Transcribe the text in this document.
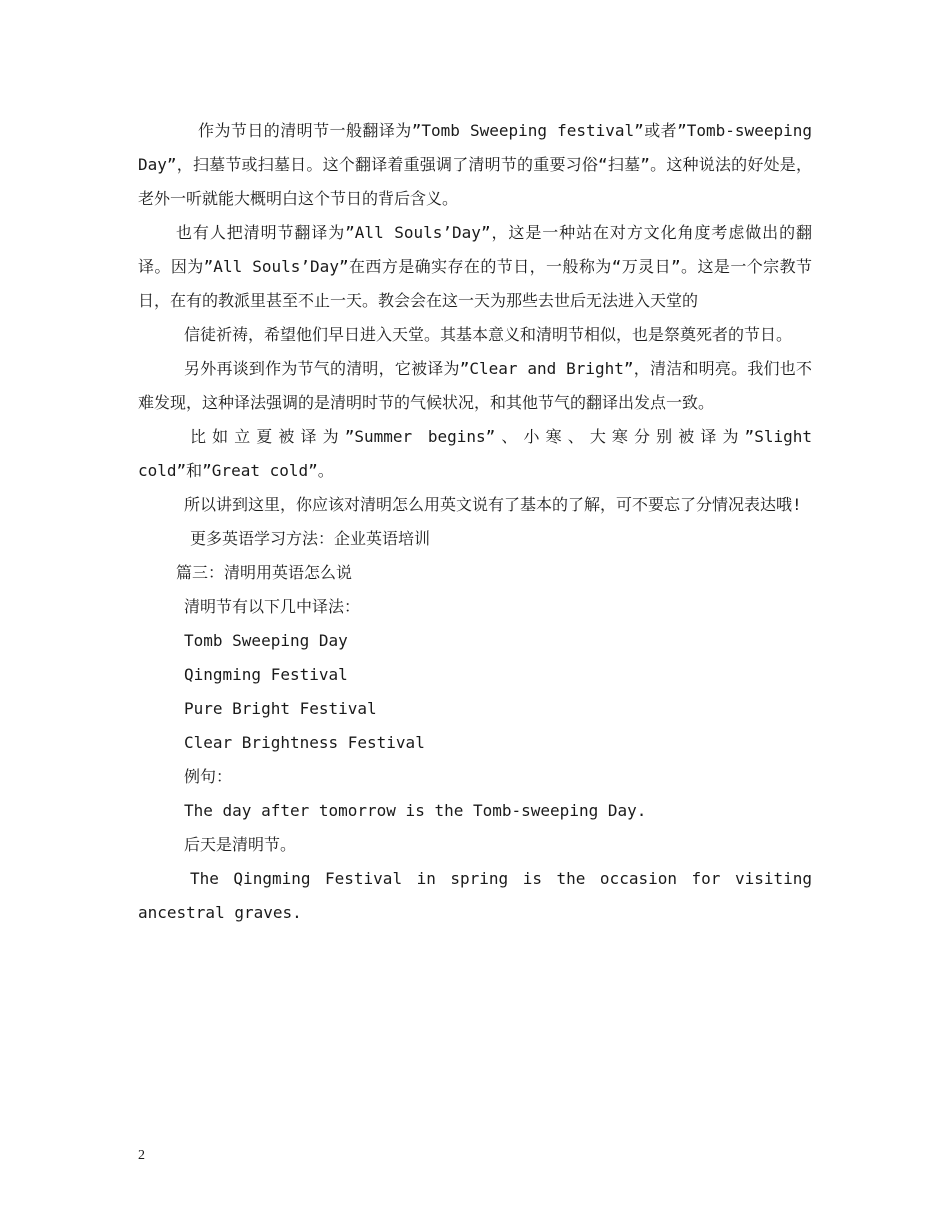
作为节日的清明节一般翻译为”Tomb Sweeping festival”或者”Tomb-sweeping Day”，扫墓节或扫墓日。这个翻译着重强调了清明节的重要习俗“扫墓”。这种说法的好处是，老外一听就能大概明白这个节日的背后含义。

也有人把清明节翻译为”All Souls’Day”，这是一种站在对方文化角度考虑做出的翻译。因为”All Souls’Day”在西方是确实存在的节日，一般称为“万灵日”。这是一个宗教节日，在有的教派里甚至不止一天。教会会在这一天为那些去世后无法进入天堂的

信徒祈祷，希望他们早日进入天堂。其基本意义和清明节相似，也是祭奠死者的节日。

另外再谈到作为节气的清明，它被译为”Clear and Bright”，清洁和明亮。我们也不难发现，这种译法强调的是清明时节的气候状况，和其他节气的翻译出发点一致。

比如立夏被译为”Summer begins”、小寒、大寒分别被译为”Slight cold”和”Great cold”。

所以讲到这里，你应该对清明怎么用英文说有了基本的了解，可不要忘了分情况表达哦!

更多英语学习方法：企业英语培训

篇三：清明用英语怎么说

清明节有以下几中译法：

Tomb Sweeping Day

Qingming Festival

Pure Bright Festival

Clear Brightness Festival

例句：

The day after tomorrow is the Tomb-sweeping Day.

后天是清明节。

The Qingming Festival in spring is the occasion for visiting ancestral graves.

2
